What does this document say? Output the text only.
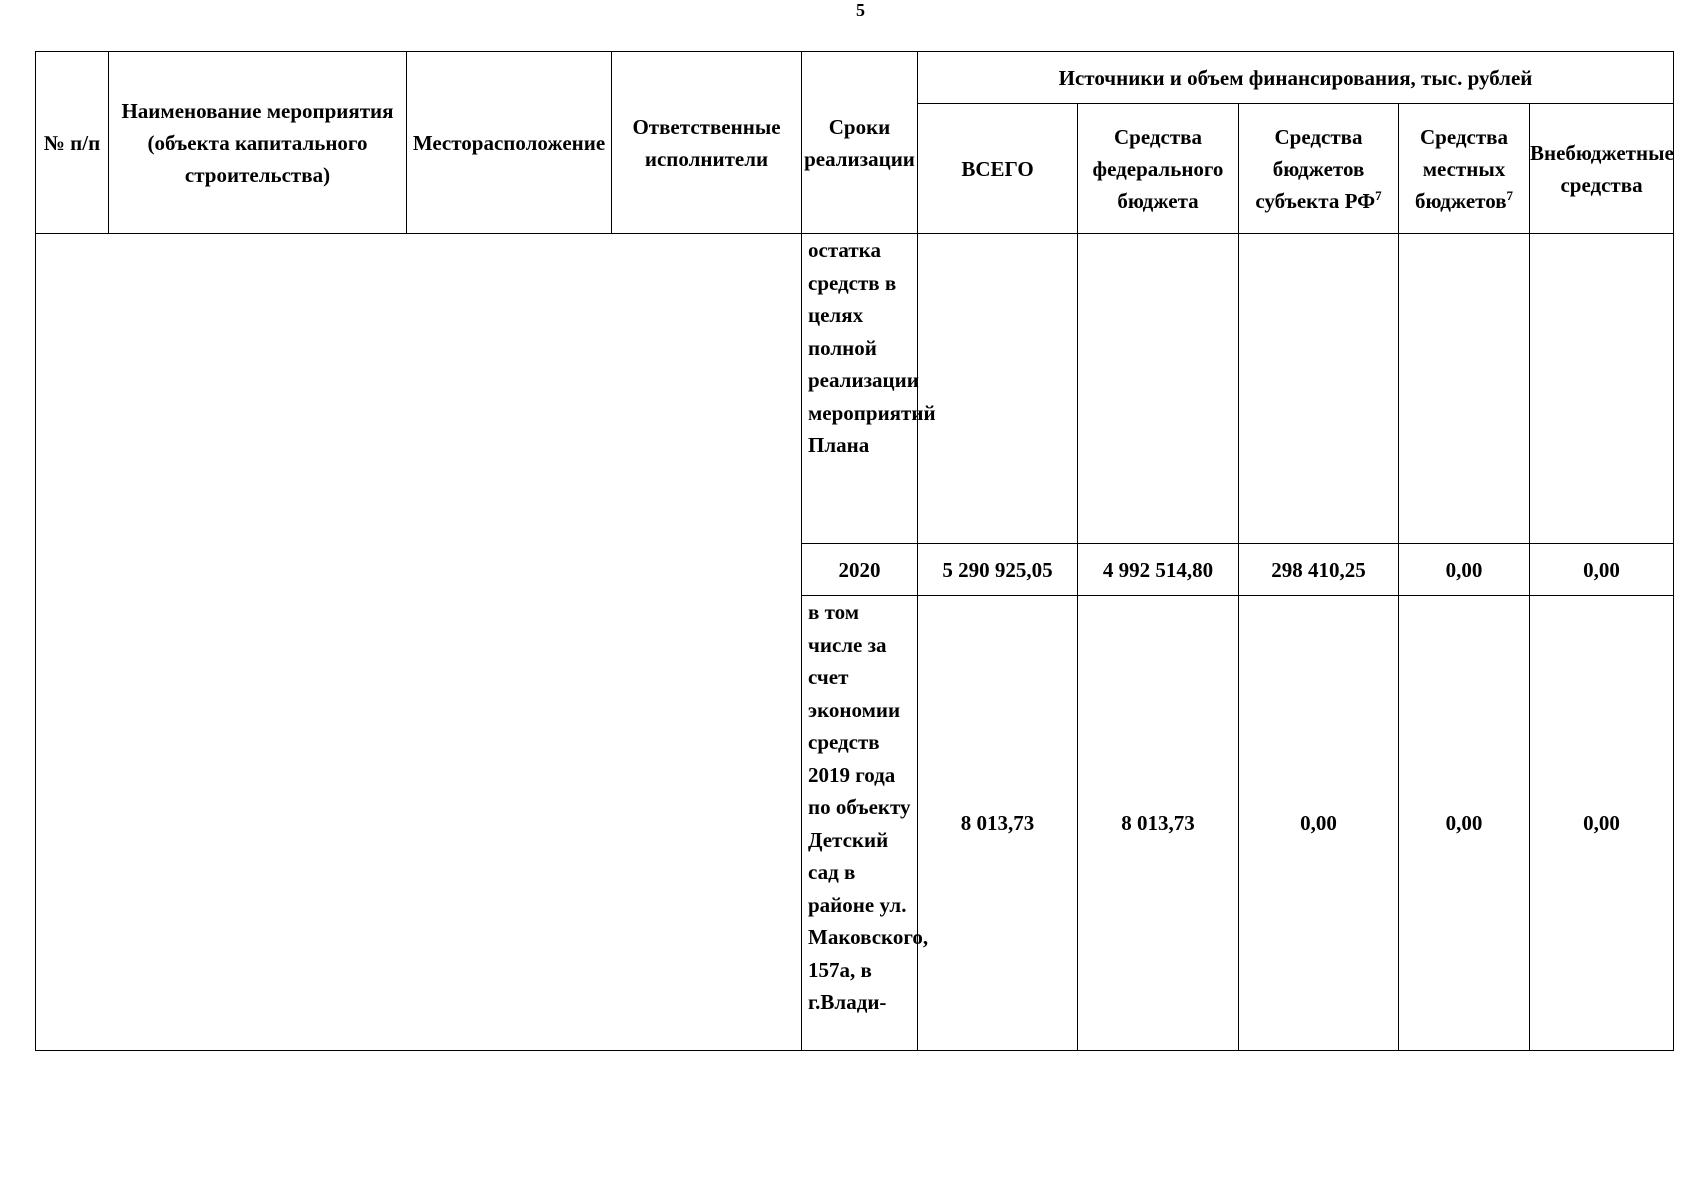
5
№ п/п	Наименование мероприятия (объекта капитального строительства)	Месторасположение	Ответственные исполнители	Сроки реализации	Источники и объем финансирования, тыс. рублей				
					ВСЕГО	Средства федерального бюджета	Средства бюджетов субъекта $РФ^7$	Средства местных бюджетов$^7$	Внебюджетные средства
				остатка средств в целях полной реализации мероприятий Плана					
				2020	5 290 925,05	4 992 514,80	298 410,25	0,00	0,00
				в том числе за счет экономии средств 2019 года по объекту Детский сад в районе ул. Маковского, 157а, в г.Влади-	8 013,73	8 013,73	0,00	0,00	0,00
